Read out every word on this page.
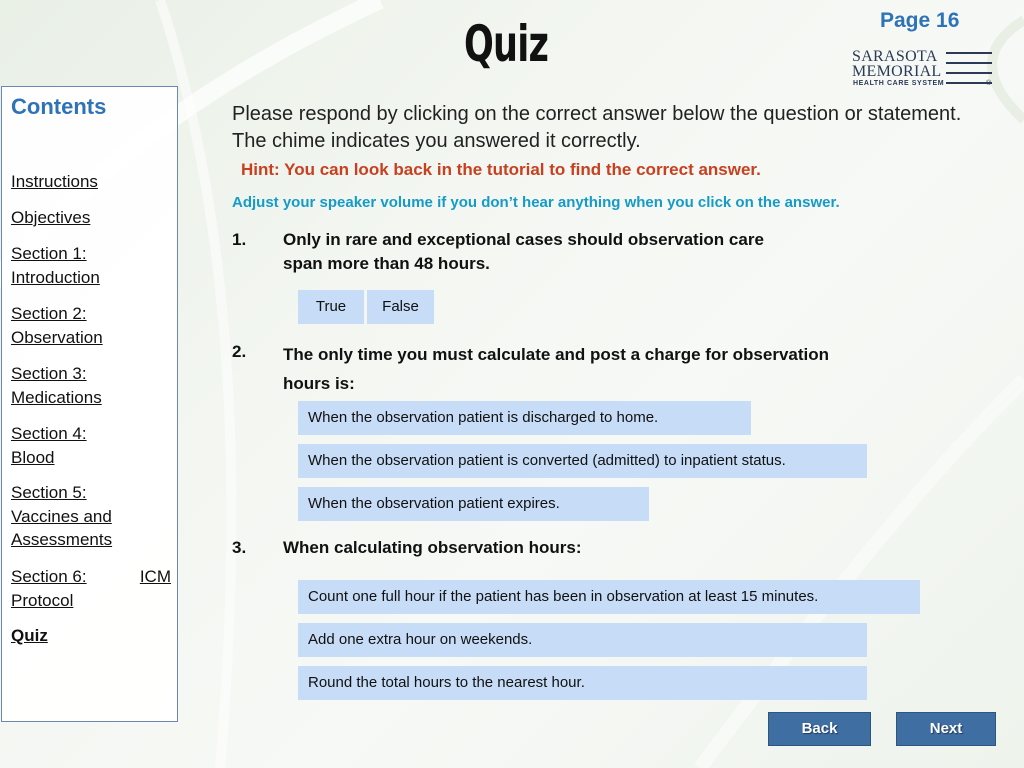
Quiz	Page 16
SARASOTA
MEMORIAL
HEALTH CARE SYSTEM	®
Contents
Instructions
Objectives
Section 1:
Introduction
Section 2:
Observation
Section 3:
Medications
Section 4:
Blood
Section 5:
Vaccines and
Assessments
Section 6:	ICM
Protocol
Quiz
Please respond by clicking on the correct answer below the question or statement. The chime indicates you answered it correctly.
Hint: You can look back in the tutorial to find the correct answer.
Adjust your speaker volume if you don’t hear anything when you click on the answer.
1. Only in rare and exceptional cases should observation care
span more than 48 hours.
True	False
2. The only time you must calculate and post a charge for observation
hours is:
When the observation patient is discharged to home.
When the observation patient is converted (admitted) to inpatient status.
When the observation patient expires.
3. When calculating observation hours:
Count one full hour if the patient has been in observation at least 15 minutes.
Add one extra hour on weekends.
Round the total hours to the nearest hour.
Back	Next
